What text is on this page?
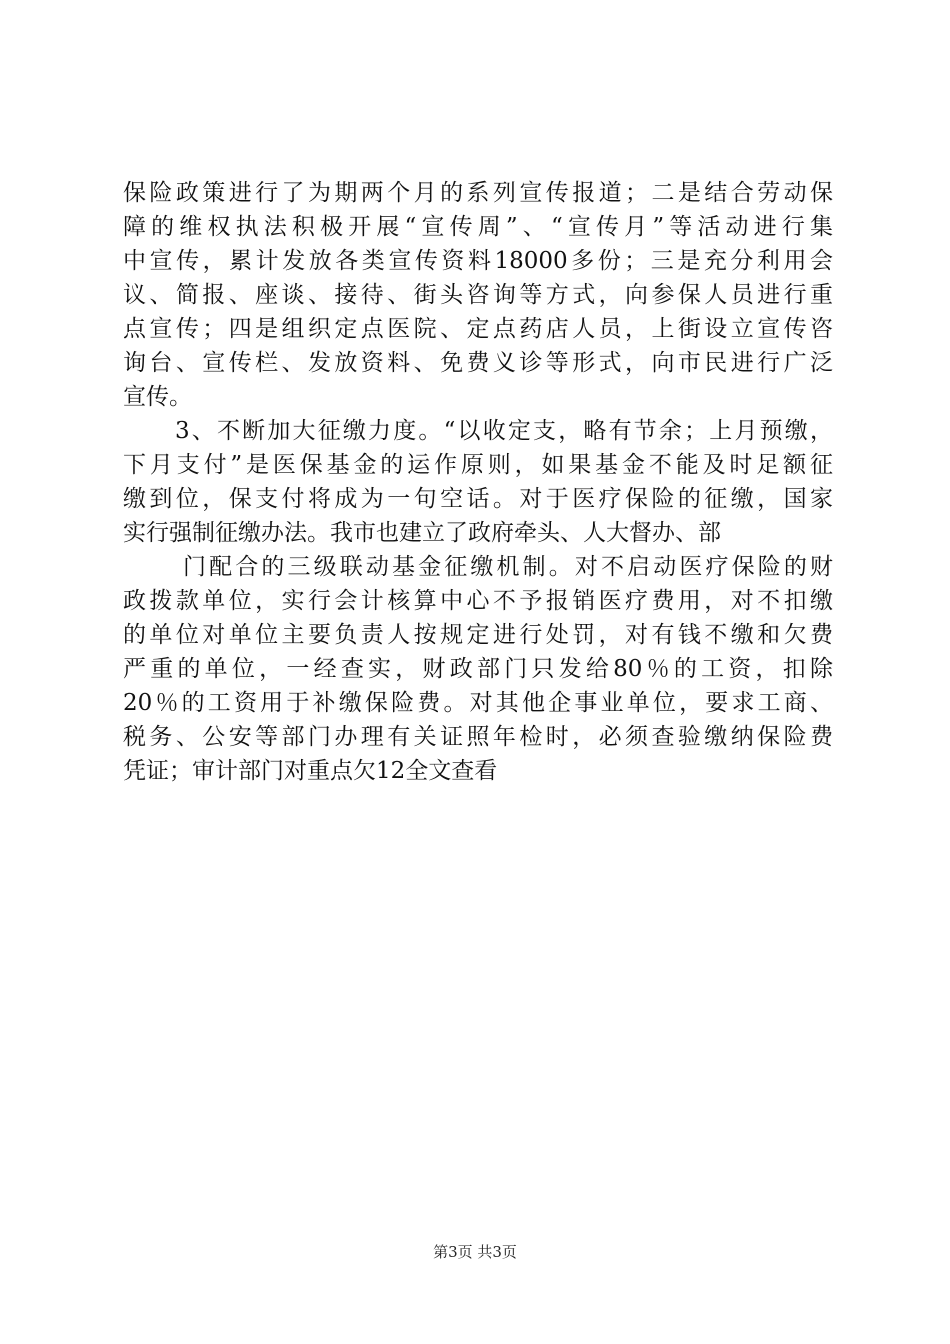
保险政策进行了为期两个月的系列宣传报道；二是结合劳动保
障的维权执法积极开展“宣传周”、“宣传月”等活动进行集
中宣传，累计发放各类宣传资料18000多份；三是充分利用会
议、简报、座谈、接待、街头咨询等方式，向参保人员进行重
点宣传；四是组织定点医院、定点药店人员，上街设立宣传咨
询台、宣传栏、发放资料、免费义诊等形式，向市民进行广泛
宣传。
3、不断加大征缴力度。“以收定支，略有节余；上月预缴，
下月支付”是医保基金的运作原则，如果基金不能及时足额征
缴到位，保支付将成为一句空话。对于医疗保险的征缴，国家
实行强制征缴办法。我市也建立了政府牵头、人大督办、部
门配合的三级联动基金征缴机制。对不启动医疗保险的财
政拨款单位，实行会计核算中心不予报销医疗费用，对不扣缴
的单位对单位主要负责人按规定进行处罚，对有钱不缴和欠费
严重的单位，一经查实，财政部门只发给80％的工资，扣除
20％的工资用于补缴保险费。对其他企事业单位，要求工商、
税务、公安等部门办理有关证照年检时，必须查验缴纳保险费
凭证；审计部门对重点欠12全文查看
第3页 共3页
